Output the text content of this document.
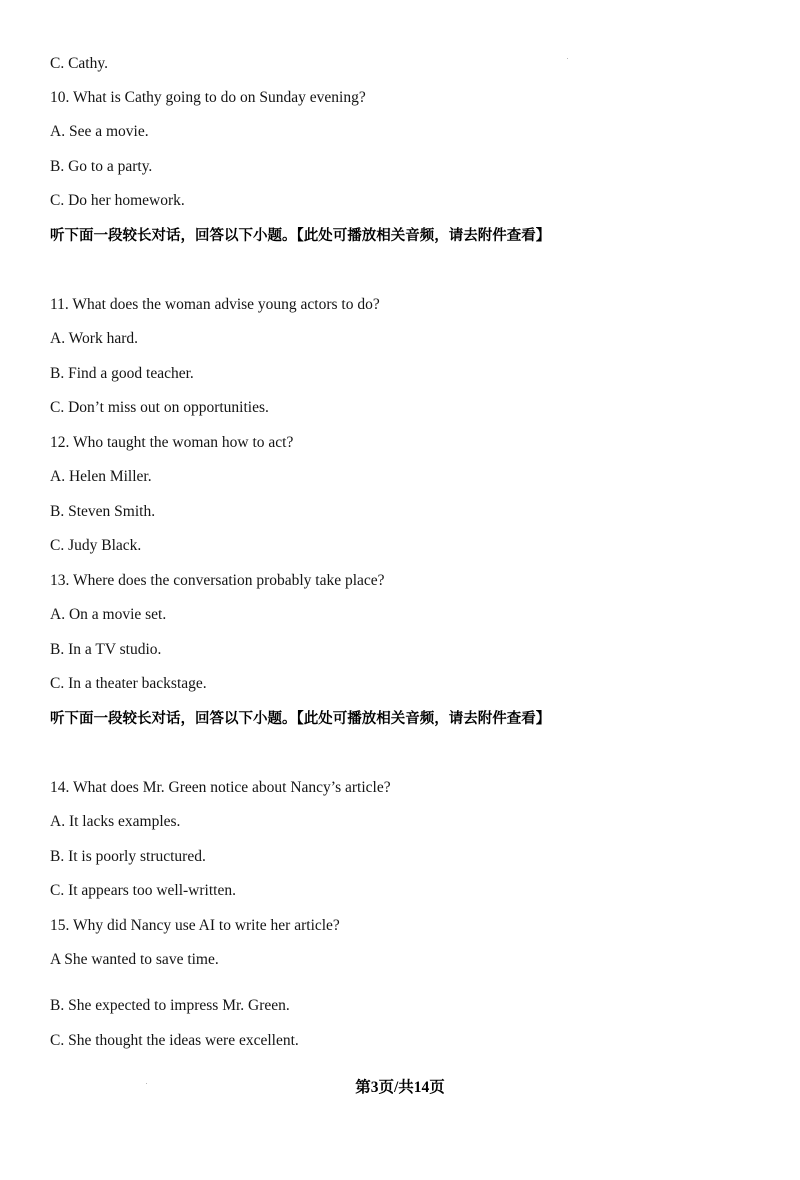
C. Cathy.
10. What is Cathy going to do on Sunday evening?
A. See a movie.
B. Go to a party.
C. Do her homework.
听下面一段较长对话，回答以下小题。【此处可播放相关音频，请去附件查看】
11. What does the woman advise young actors to do?
A. Work hard.
B. Find a good teacher.
C. Don’t miss out on opportunities.
12. Who taught the woman how to act?
A. Helen Miller.
B. Steven Smith.
C. Judy Black.
13. Where does the conversation probably take place?
A. On a movie set.
B. In a TV studio.
C. In a theater backstage.
听下面一段较长对话，回答以下小题。【此处可播放相关音频，请去附件查看】
14. What does Mr. Green notice about Nancy’s article?
A. It lacks examples.
B. It is poorly structured.
C. It appears too well-written.
15. Why did Nancy use AI to write her article?
A She wanted to save time.
B. She expected to impress Mr. Green.
C. She thought the ideas were excellent.
第3页/共14页
